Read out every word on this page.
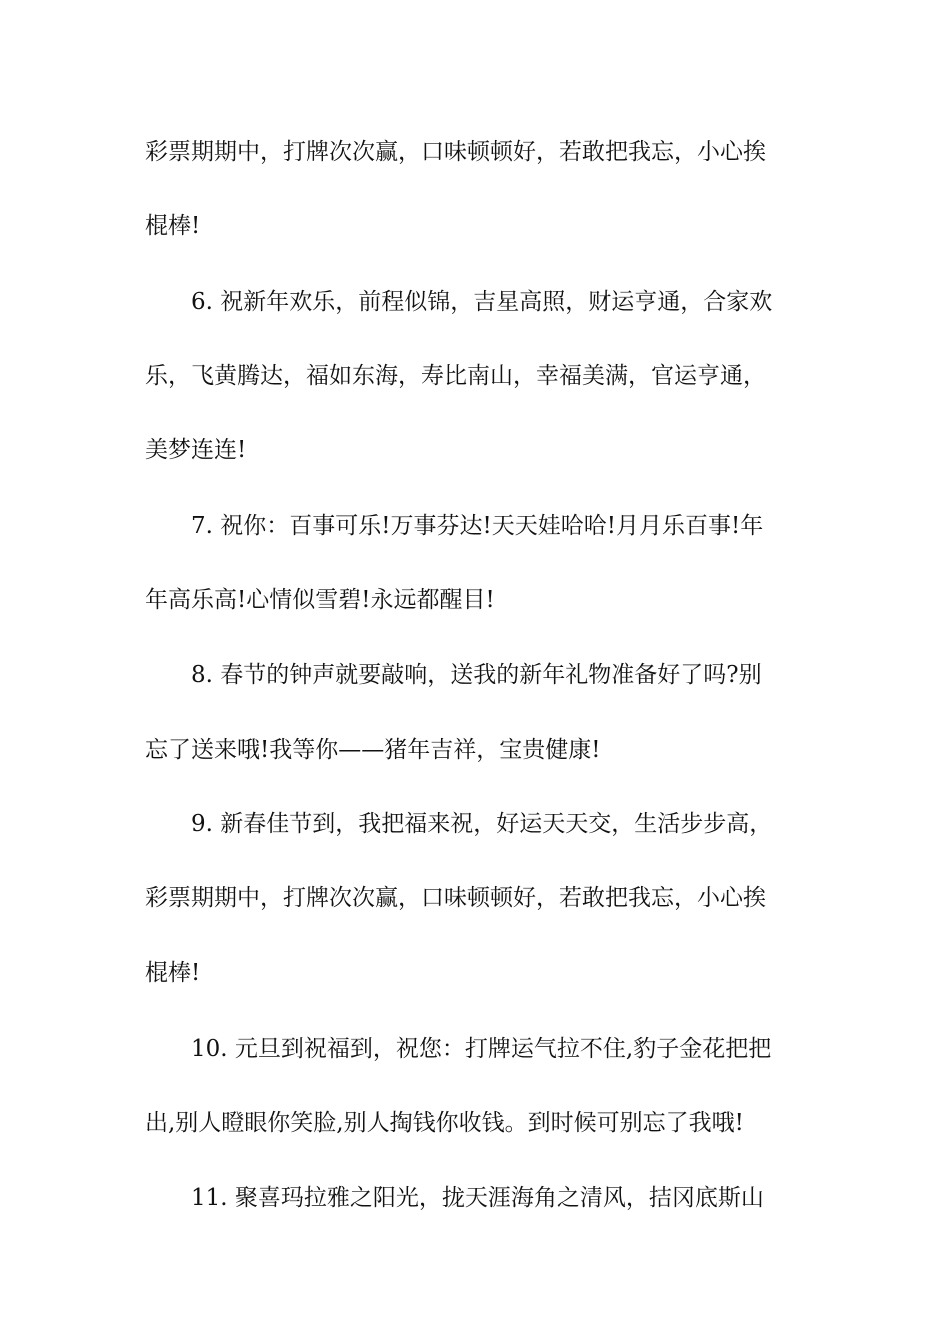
彩票期期中，打牌次次赢，口味顿顿好，若敢把我忘，小心挨
棍棒!
6. 祝新年欢乐，前程似锦，吉星高照，财运亨通，合家欢
乐，飞黄腾达，福如东海，寿比南山，幸福美满，官运亨通，
美梦连连!
7. 祝你：百事可乐!万事芬达!天天娃哈哈!月月乐百事!年
年高乐高!心情似雪碧!永远都醒目!
8. 春节的钟声就要敲响，送我的新年礼物准备好了吗?别
忘了送来哦!我等你——猪年吉祥，宝贵健康!
9. 新春佳节到，我把福来祝，好运天天交，生活步步高，
彩票期期中，打牌次次赢，口味顿顿好，若敢把我忘，小心挨
棍棒!
10. 元旦到祝福到，祝您：打牌运气拉不住,豹子金花把把
出,别人瞪眼你笑脸,别人掏钱你收钱。到时候可别忘了我哦!
11. 聚喜玛拉雅之阳光，拢天涯海角之清风，拮冈底斯山
